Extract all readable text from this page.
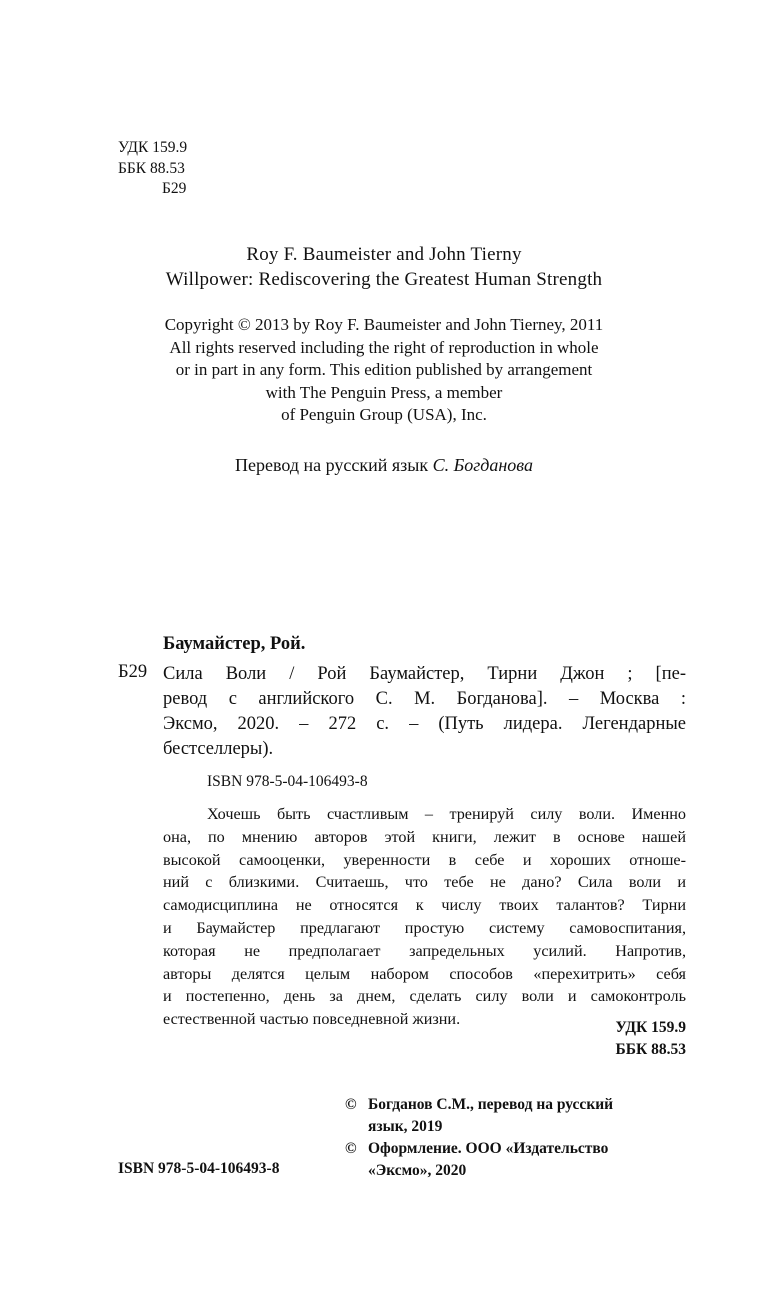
УДК 159.9
ББК 88.53
Б29
Roy F. Baumeister and John Tierny
Willpower: Rediscovering the Greatest Human Strength
Copyright © 2013 by Roy F. Baumeister and John Tierney, 2011
All rights reserved including the right of reproduction in whole
or in part in any form. This edition published by arrangement
with The Penguin Press, a member
of Penguin Group (USA), Inc.
Перевод на русский язык С. Богданова
Баумайстер, Рой.
Б29 Сила Воли / Рой Баумайстер, Тирни Джон ; [пе-
ревод с английского С. М. Богданова]. – Москва :
Эксмо, 2020. – 272 с. – (Путь лидера. Легендарные
бестселлеры).
ISBN 978-5-04-106493-8
Хочешь быть счастливым – тренируй силу воли. Именно
она, по мнению авторов этой книги, лежит в основе нашей
высокой самооценки, уверенности в себе и хороших отноше-
ний с близкими. Считаешь, что тебе не дано? Сила воли и
самодисциплина не относятся к числу твоих талантов? Тирни
и Баумайстер предлагают простую систему самовоспитания,
которая не предполагает запредельных усилий. Напротив,
авторы делятся целым набором способов «перехитрить» себя
и постепенно, день за днем, сделать силу воли и самоконтроль
естественной частью повседневной жизни.	УДК 159.9
ББК 88.53
© Богданов С.М., перевод на русский
язык, 2019
© Оформление. ООО «Издательство
«Эксмо», 2020
ISBN 978-5-04-106493-8
